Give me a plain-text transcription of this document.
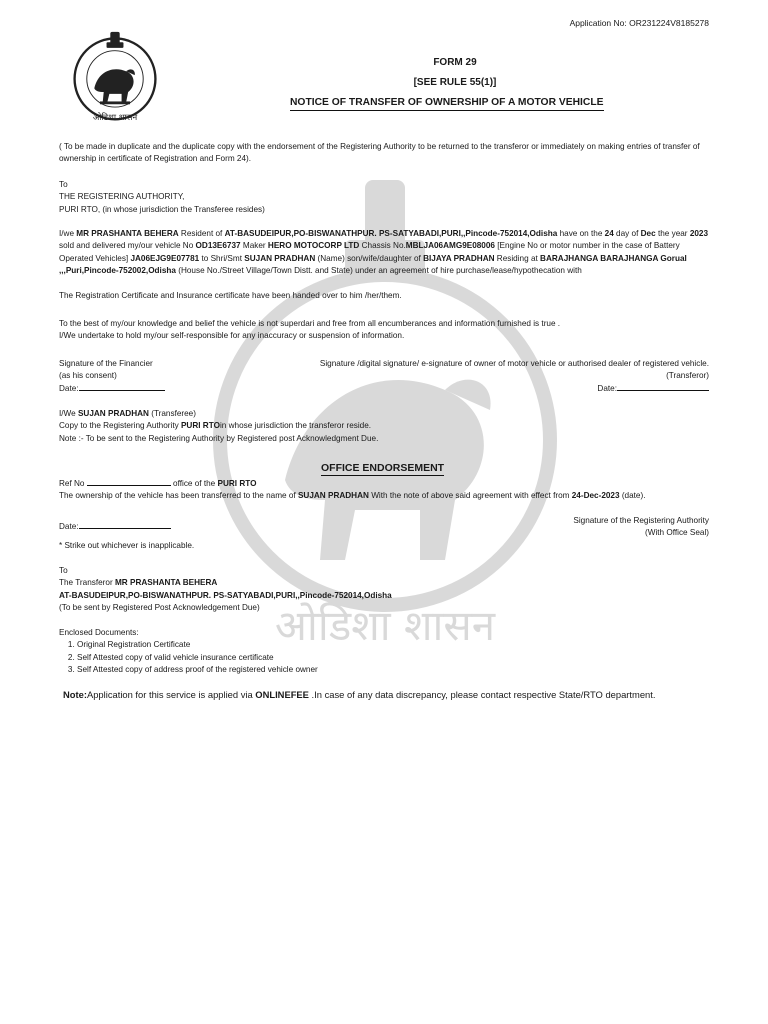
ओडिशा शासन
ओडिशा शासन
Application No: OR231224V8185278
FORM 29
[SEE RULE 55(1)]
NOTICE OF TRANSFER OF OWNERSHIP OF A MOTOR VEHICLE
( To be made in duplicate and the duplicate copy with the endorsement of the Registering Authority to be returned to the transferor or immediately on making entries of transfer of ownership in certificate of Registration and Form 24).
To
THE REGISTERING AUTHORITY,
PURI RTO, (in whose jurisdiction the Transferee resides)
I/we MR PRASHANTA BEHERA Resident of AT-BASUDEIPUR,PO-BISWANATHPUR. PS-SATYABADI,PURI,,Pincode-752014,Odisha have on the 24 day of Dec the year 2023 sold and delivered my/our vehicle No OD13E6737 Maker HERO MOTOCORP LTD Chassis No.MBLJA06AMG9E08006 [Engine No or motor number in the case of Battery Operated Vehicles] JA06EJG9E07781 to Shri/Smt SUJAN PRADHAN (Name) son/wife/daughter of BIJAYA PRADHAN Residing at BARAJHANGA BARAJHANGA Gorual ,,,Puri,Pincode-752002,Odisha (House No./Street Village/Town Distt. and State) under an agreement of hire purchase/lease/hypothecation with
The Registration Certificate and Insurance certificate have been handed over to him /her/them.
To the best of my/our knowledge and belief the vehicle is not superdari and free from all encumberances and information furnished is true .
I/We undertake to hold my/our self-responsible for any inaccuracy or suspension of information.
Signature of the Financier
(as his consent)
Date:
Signature /digital signature/ e-signature of owner of motor vehicle or authorised dealer of registered vehicle.
(Transferor)
Date:
I/We SUJAN PRADHAN (Transferee)
Copy to the Registering Authority PURI RTOin whose jurisdiction the transferor reside.
Note :- To be sent to the Registering Authority by Registered post Acknowledgment Due.
OFFICE ENDORSEMENT
Ref No	office of the PURI RTO
The ownership of the vehicle has been transferred to the name of SUJAN PRADHAN With the note of above said agreement with effect from 24-Dec-2023 (date).
Date:
Signature of the Registering Authority
(With Office Seal)
* Strike out whichever is inapplicable.
To
The Transferor MR PRASHANTA BEHERA
AT-BASUDEIPUR,PO-BISWANATHPUR. PS-SATYABADI,PURI,,Pincode-752014,Odisha
(To be sent by Registered Post Acknowledgement Due)
Enclosed Documents:
1. Original Registration Certificate
2. Self Attested copy of valid vehicle insurance certificate
3. Self Attested copy of address proof of the registered vehicle owner
Note:Application for this service is applied via ONLINEFEE .In case of any data discrepancy, please contact respective State/RTO department.
